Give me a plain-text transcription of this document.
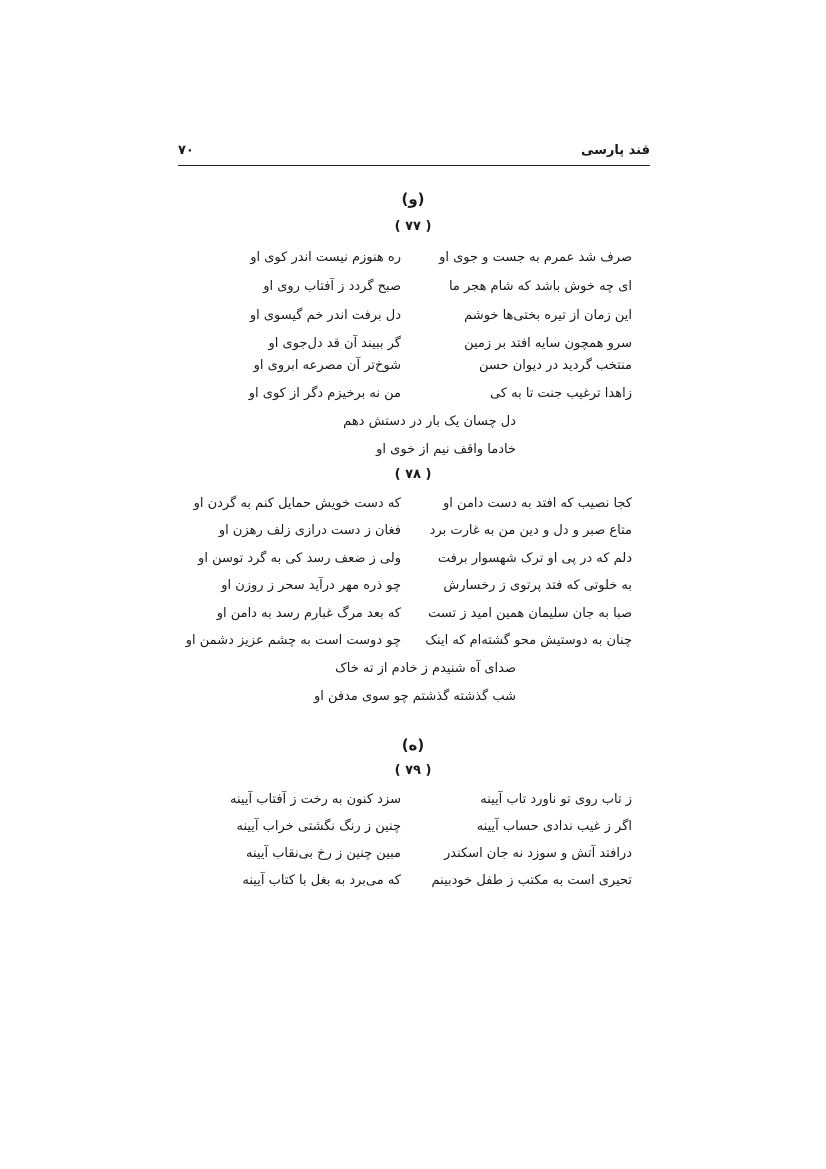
قند پارسی
۷۰
(و)
( ۷۷ )
صرف شد عمرم به جست و جوی او
ره هنوزم نیست اندر کوی او
ای چه خوش باشد که شام هجر ما
صبح گردد ز آفتاب روی او
این زمان از تیره بختی‌ها خوشم
دل برفت اندر خم گیسوی او
سرو همچون سایه افتد بر زمین
گر ببیند آن قد دل‌جوی او
منتخب گردید در دیوان حسن
شوخ‌تر آن مصرعه ابروی او
زاهدا ترغیب جنت تا به کی
من نه برخیزم دگر از کوی او
دل چسان یک بار در دستش دهم
خادما واقف نیم از خوی او
( ۷۸ )
کجا نصیب که افتد به دست دامن او
که دست خویش حمایل کنم به گردن او
متاع صبر و دل و دین من به غارت برد
فغان ز دست درازی زلف رهزن او
دلم که در پی او ترک شهسوار برفت
ولی ز ضعف رسد کی به گرد توسن او
به خلوتی که فتد پرتوی ز رخسارش
چو ذره مهر درآید سحر ز روزن او
صبا به جان سلیمان همین امید ز تست
که بعد مرگ غبارم رسد به دامن او
چنان به دوستیش محو گشته‌ام که اینک
چو دوست است به چشم عزیز دشمن او
صدای آه شنیدم ز خادم از ته خاک
شب گذشته گذشتم چو سوی مدفن او
(ه)
( ۷۹ )
ز تاب روی تو ناورد تاب آیینه
سزد کنون به رخت ز آفتاب آیینه
اگر ز غیب ندادی حساب آیینه
چنین ز رنگ نگشتی خراب آیینه
درافتد آتش و سوزد نه جان اسکندر
مبین چنین ز رخ بی‌نقاب آیینه
تحیری است به مکتب ز طفل خودبینم
که می‌برد به بغل با کتاب آیینه
